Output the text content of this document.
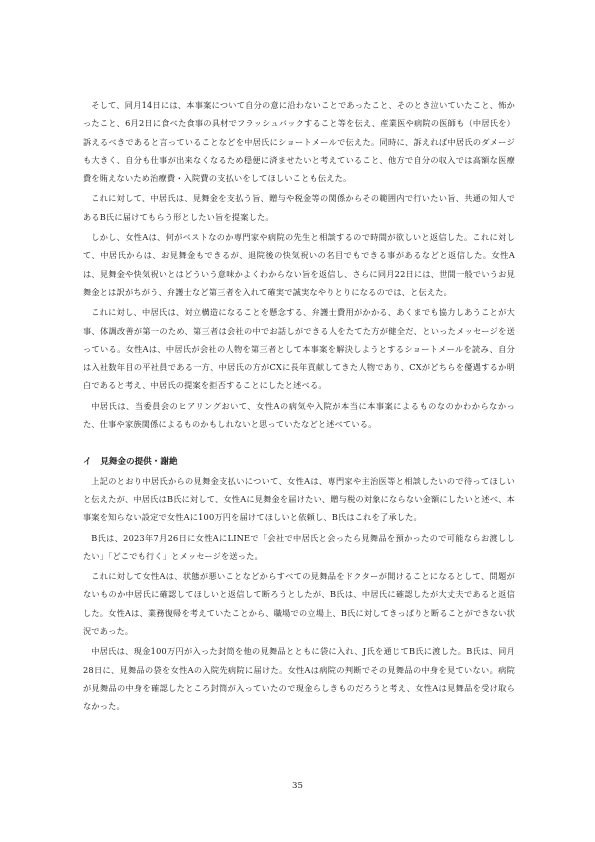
そして、同月14日には、本事案について自分の意に沿わないことであったこと、そのとき泣いていたこと、怖かったこと、6月2日に食べた食事の具材でフラッシュバックすること等を伝え、産業医や病院の医師も（中居氏を）訴えるべきであると言っていることなどを中居氏にショートメールで伝えた。同時に、訴えれば中居氏のダメージも大きく、自分も仕事が出来なくなるため穏便に済ませたいと考えていること、他方で自分の収入では高額な医療費を賄えないため治療費・入院費の支払いをしてほしいことも伝えた。

これに対して、中居氏は、見舞金を支払う旨、贈与や税金等の関係からその範囲内で行いたい旨、共通の知人であるB氏に届けてもらう形としたい旨を提案した。

しかし、女性Aは、何がベストなのか専門家や病院の先生と相談するので時間が欲しいと返信した。これに対して、中居氏からは、お見舞金もできるが、退院後の快気祝いの名目でもできる事があるなどと返信した。女性Aは、見舞金や快気祝いとはどういう意味かよくわからない旨を返信し、さらに同月22日には、世間一般でいうお見舞金とは訳がちがう、弁護士など第三者を入れて確実で誠実なやりとりになるのでは、と伝えた。

これに対し、中居氏は、対立構造になることを懸念する、弁護士費用がかかる、あくまでも協力しあうことが大事、体調改善が第一のため、第三者は会社の中でお話しができる人をたてた方が健全だ、といったメッセージを送っている。女性Aは、中居氏が会社の人物を第三者として本事案を解決しようとするショートメールを読み、自分は入社数年目の平社員である一方、中居氏の方がCXに長年貢献してきた人物であり、CXがどちらを優遇するか明白であると考え、中居氏の提案を拒否することにしたと述べる。

中居氏は、当委員会のヒアリングおいて、女性Aの病気や入院が本当に本事案によるものなのかわからなかった、仕事や家族関係によるものかもしれないと思っていたなどと述べている。

イ　見舞金の提供・謝絶

上記のとおり中居氏からの見舞金支払いについて、女性Aは、専門家や主治医等と相談したいので待ってほしいと伝えたが、中居氏はB氏に対して、女性Aに見舞金を届けたい、贈与税の対象にならない金額にしたいと述べ、本事案を知らない設定で女性Aに100万円を届けてほしいと依頼し、B氏はこれを了承した。

B氏は、2023年7月26日に女性AにLINEで「会社で中居氏と会ったら見舞品を預かったので可能ならお渡ししたい」「どこでも行く」とメッセージを送った。

これに対して女性Aは、状態が悪いことなどからすべての見舞品をドクターが開けることになるとして、問題がないものか中居氏に確認してほしいと返信して断ろうとしたが、B氏は、中居氏に確認したが大丈夫であると返信した。女性Aは、業務復帰を考えていたことから、職場での立場上、B氏に対してきっぱりと断ることができない状況であった。

中居氏は、現金100万円が入った封筒を他の見舞品とともに袋に入れ、J氏を通じてB氏に渡した。B氏は、同月28日に、見舞品の袋を女性Aの入院先病院に届けた。女性Aは病院の判断でその見舞品の中身を見ていない。病院が見舞品の中身を確認したところ封筒が入っていたので現金らしきものだろうと考え、女性Aは見舞品を受け取らなかった。

35
